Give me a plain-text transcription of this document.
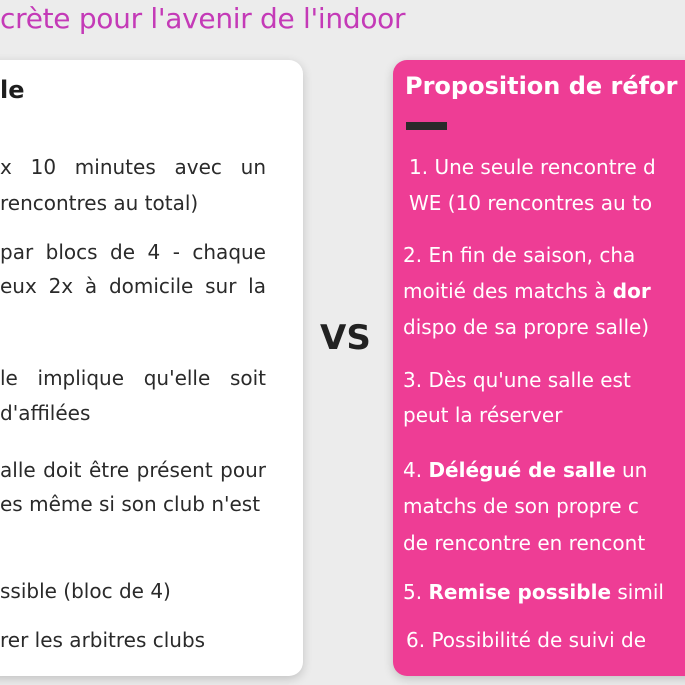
crète pour l'avenir de l'indoor
le
x 10 minutes avec un
rencontres au total)
par blocs de 4 - chaque
eux 2x à domicile sur la
le implique qu'elle soit
d'affilées
alle doit être présent pour
es même si son club n'est
ssible (bloc de 4)
rer les arbitres clubs
VS
Proposition de réfor
1. Une seule rencontre d
WE (10 rencontres au to
2. En fin de saison, cha
moitié des matchs à dor
dispo de sa propre salle)
3. Dès qu'une salle est
peut la réserver
4. Délégué de salle un
matchs de son propre c
de rencontre en rencont
5. Remise possible simil
6. Possibilité de suivi de
